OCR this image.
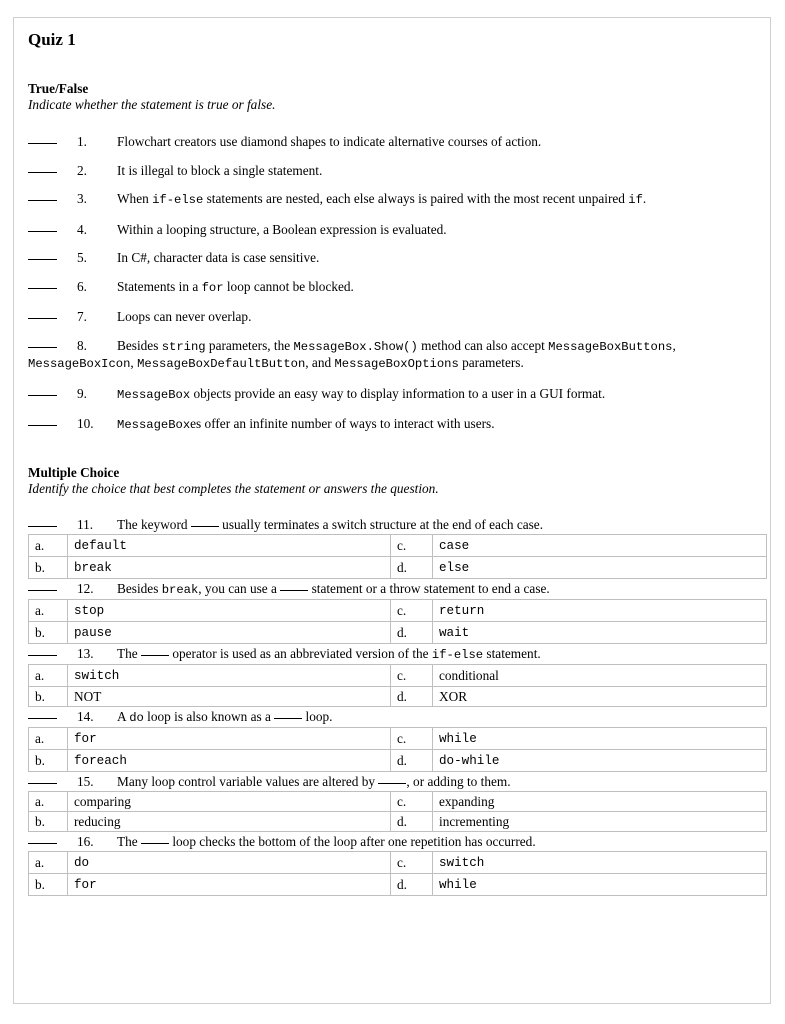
Quiz 1
True/False
Indicate whether the statement is true or false.
1. Flowchart creators use diamond shapes to indicate alternative courses of action.
2. It is illegal to block a single statement.
3. When if-else statements are nested, each else always is paired with the most recent unpaired if.
4. Within a looping structure, a Boolean expression is evaluated.
5. In C#, character data is case sensitive.
6. Statements in a for loop cannot be blocked.
7. Loops can never overlap.
8. Besides string parameters, the MessageBox.Show() method can also accept MessageBoxButtons, MessageBoxIcon, MessageBoxDefaultButton, and MessageBoxOptions parameters.
9. MessageBox objects provide an easy way to display information to a user in a GUI format.
10. MessageBoxes offer an infinite number of ways to interact with users.
Multiple Choice
Identify the choice that best completes the statement or answers the question.
11. The keyword  usually terminates a switch structure at the end of each case.
a.	default	c.	case
b.	break	d.	else
12. Besides break, you can use a  statement or a throw statement to end a case.
a.	stop	c.	return
b.	pause	d.	wait
13. The  operator is used as an abbreviated version of the if-else statement.
a.	switch	c.	conditional
b.	NOT	d.	XOR
14. A do loop is also known as a  loop.
a.	for	c.	while
b.	foreach	d.	do-while
15. Many loop control variable values are altered by , or adding to them.
a.	comparing	c.	expanding
b.	reducing	d.	incrementing
16. The  loop checks the bottom of the loop after one repetition has occurred.
a.	do	c.	switch
b.	for	d.	while
